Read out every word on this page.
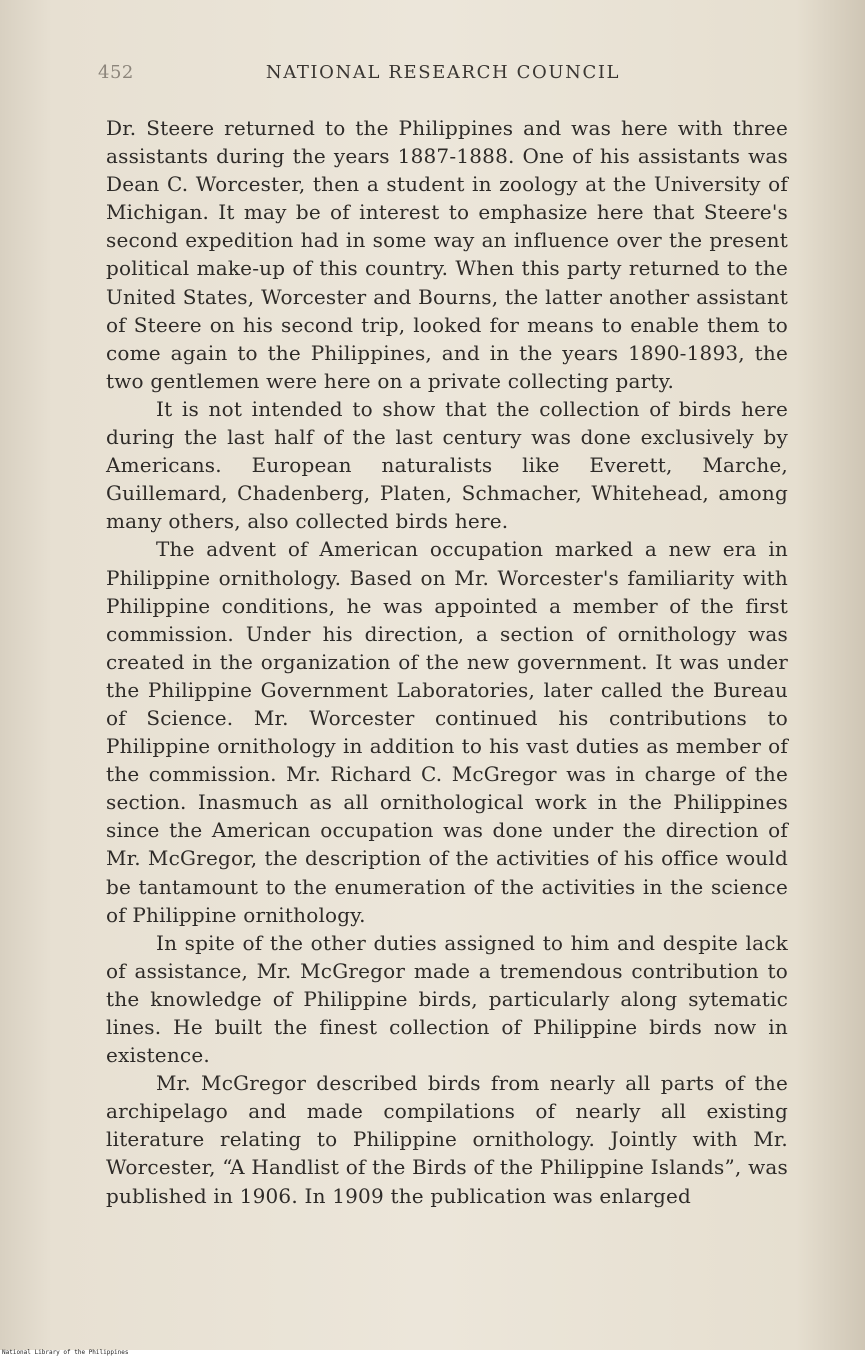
452	NATIONAL RESEARCH COUNCIL

Dr. Steere returned to the Philippines and was here with three assistants during the years 1887-1888. One of his assistants was Dean C. Worcester, then a student in zoology at the University of Michigan. It may be of interest to emphasize here that Steere's second expedition had in some way an influence over the present political make-up of this country. When this party returned to the United States, Worcester and Bourns, the latter another assistant of Steere on his second trip, looked for means to enable them to come again to the Philippines, and in the years 1890-1893, the two gentlemen were here on a private collecting party.

It is not intended to show that the collection of birds here during the last half of the last century was done exclusively by Americans. European naturalists like Everett, Marche, Guillemard, Chadenberg, Platen, Schmacher, Whitehead, among many others, also collected birds here.

The advent of American occupation marked a new era in Philippine ornithology. Based on Mr. Worcester's familiarity with Philippine conditions, he was appointed a member of the first commission. Under his direction, a section of ornithology was created in the organization of the new government. It was under the Philippine Government Laboratories, later called the Bureau of Science. Mr. Worcester continued his contributions to Philippine ornithology in addition to his vast duties as member of the commission. Mr. Richard C. McGregor was in charge of the section. Inasmuch as all ornithological work in the Philippines since the American occupation was done under the direction of Mr. McGregor, the description of the activities of his office would be tantamount to the enumeration of the activities in the science of Philippine ornithology.

In spite of the other duties assigned to him and despite lack of assistance, Mr. McGregor made a tremendous contribution to the knowledge of Philippine birds, particularly along sytematic lines. He built the finest collection of Philippine birds now in existence.

Mr. McGregor described birds from nearly all parts of the archipelago and made compilations of nearly all existing literature relating to Philippine ornithology. Jointly with Mr. Worcester, “A Handlist of the Birds of the Philippine Islands”, was published in 1906. In 1909 the publication was enlarged

National Library of the Philippines
